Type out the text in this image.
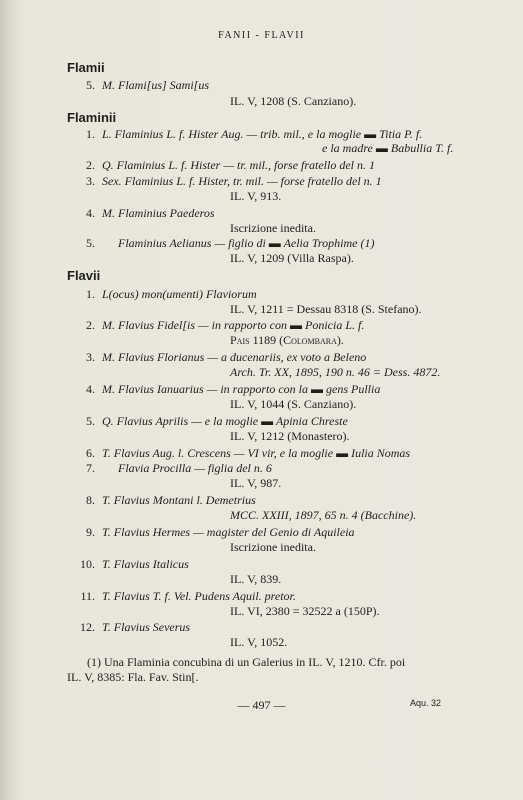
FANII - FLAVII
Flamii
5. M. Flami[us] Sami[us
IL. V, 1208 (S. Canziano).
Flaminii
1. L. Flaminius L. f. Hister Aug. — trib. mil., e la moglie ▬ Titia P. f.
e la madre ▬ Babullia T. f.
2. Q. Flaminius L. f. Hister — tr. mil., forse fratello del n. 1
3. Sex. Flaminius L. f. Hister, tr. mil. — forse fratello del n. 1
IL. V, 913.
4. M. Flaminius Paederos
Iscrizione inedita.
5. Flaminius Aelianus — figlio di ▬ Aelia Trophime (1)
IL. V, 1209 (Villa Raspa).
Flavii
1. L(ocus) mon(umenti) Flaviorum
IL. V, 1211 = Dessau 8318 (S. Stefano).
2. M. Flavius Fidel[is — in rapporto con ▬ Ponicia L. f.
Pais 1189 (Colombara).
3. M. Flavius Florianus — a ducenariis, ex voto a Beleno
Arch. Tr. XX, 1895, 190 n. 46 = Dess. 4872.
4. M. Flavius Ianuarius — in rapporto con la ▬ gens Pullia
IL. V, 1044 (S. Canziano).
5. Q. Flavius Aprilis — e la moglie ▬ Apinia Chreste
IL. V, 1212 (Monastero).
6. T. Flavius Aug. l. Crescens — VI vir, e la moglie ▬ Iulia Nomas
7. Flavia Procilla — figlia del n. 6
IL. V, 987.
8. T. Flavius Montani l. Demetrius
MCC. XXIII, 1897, 65 n. 4 (Bacchine).
9. T. Flavius Hermes — magister del Genio di Aquileia
Iscrizione inedita.
10. T. Flavius Italicus
IL. V, 839.
11. T. Flavius T. f. Vel. Pudens Aquil. pretor.
IL. VI, 2380 = 32522 a (150P).
12. T. Flavius Severus
IL. V, 1052.
(1) Una Flaminia concubina di un Galerius in IL. V, 1210. Cfr. poi
IL. V, 8385: Fla. Fav. Stin[.
— 497 —	Aqu. 32
